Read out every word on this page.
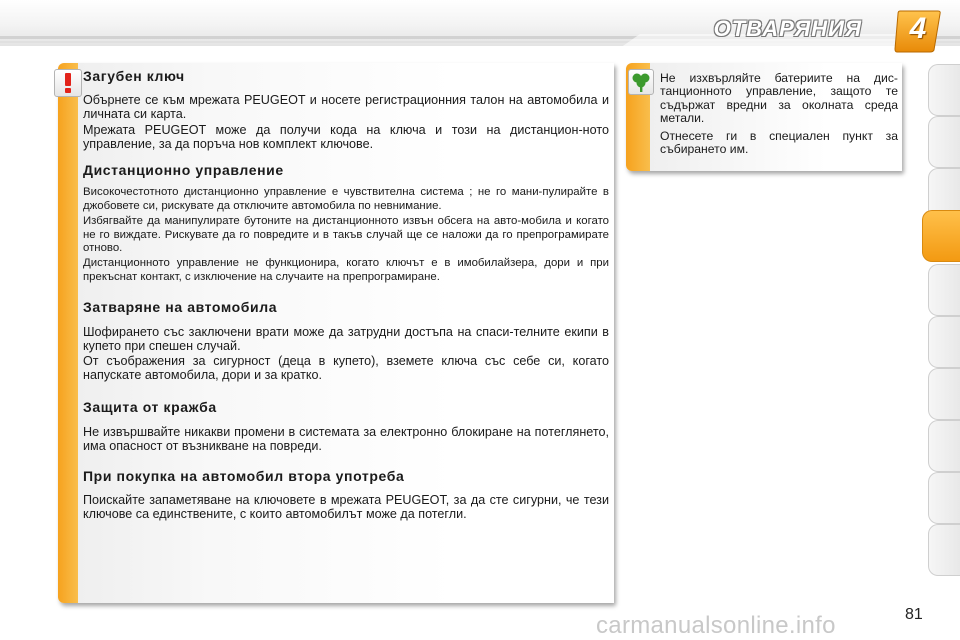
ОТВАРЯНИЯ	4
Загубен ключ

Обърнете се към мрежата PEUGEOT и носете регистрационния талон на автомобила и личната си карта.

Мрежата PEUGEOT може да получи кода на ключа и този на дистанцион-ното управление, за да поръча нов комплект ключове.

Дистанционно управление

Високочестотното дистанционно управление е чувствителна система ; не го мани-пулирайте в джобовете си, рискувате да отключите автомобила по невнимание.

Избягвайте да манипулирате бутоните на дистанционното извън обсега на авто-мобила и когато не го виждате. Рискувате да го повредите и в такъв случай ще се наложи да го препрограмирате отново.

Дистанционното управление не функционира, когато ключът е в имобилайзера, дори и при прекъснат контакт, с изключение на случаите на препрограмиране.

Затваряне на автомобила

Шофирането със заключени врати може да затрудни достъпа на спаси-телните екипи в купето при спешен случай.

От съображения за сигурност (деца в купето), вземете ключа със себе си, когато напускате автомобила, дори и за кратко.

Защита от кражба

Не извършвайте никакви промени в системата за електронно блокиране на потеглянето, има опасност от възникване на повреди.

При покупка на автомобил втора употреба

Поискайте запаметяване на ключовете в мрежата PEUGEOT, за да сте сигурни, че тези ключове са единствените, с които автомобилът може да потегли.

Не изхвърляйте батериите на дис-танционното управление, защото те съдържат вредни за околната среда метали.

Отнесете ги в специален пункт за събирането им.

carmanualsonline.info	81
